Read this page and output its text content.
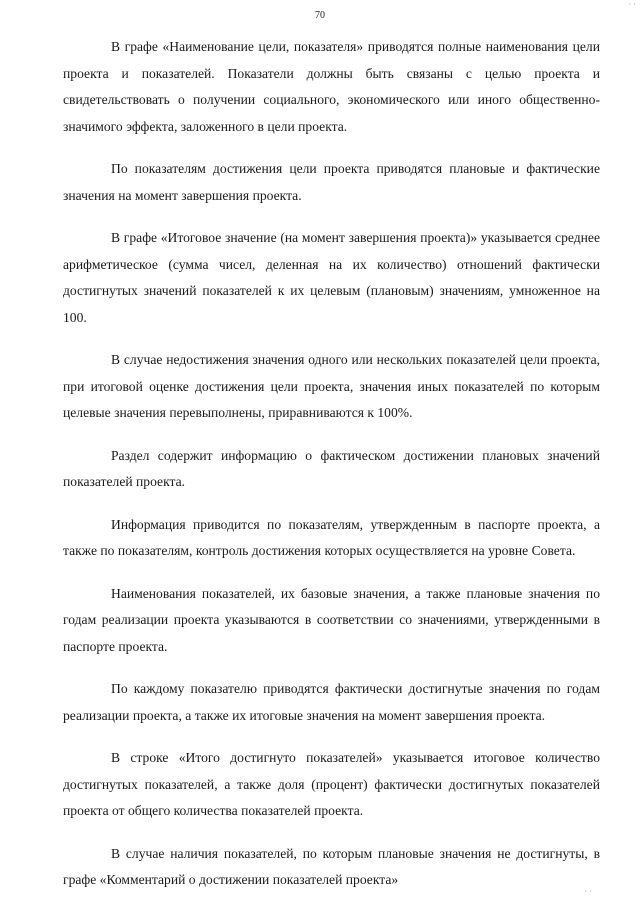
· ·
70

В графе «Наименование цели, показателя» приводятся полные наименования цели проекта и показателей. Показатели должны быть связаны с целью проекта и свидетельствовать о получении социального, экономического или иного общественно-значимого эффекта, заложенного в цели проекта.

По показателям достижения цели проекта приводятся плановые и фактические значения на момент завершения проекта.

В графе «Итоговое значение (на момент завершения проекта)» указывается среднее арифметическое (сумма чисел, деленная на их количество) отношений фактически достигнутых значений показателей к их целевым (плановым) значениям, умноженное на 100.

В случае недостижения значения одного или нескольких показателей цели проекта, при итоговой оценке достижения цели проекта, значения иных показателей по которым целевые значения перевыполнены, приравниваются к 100%.

Раздел содержит информацию о фактическом достижении плановых значений показателей проекта.

Информация приводится по показателям, утвержденным в паспорте проекта, а также по показателям, контроль достижения которых осуществляется на уровне Совета.

Наименования показателей, их базовые значения, а также плановые значения по годам реализации проекта указываются в соответствии со значениями, утвержденными в паспорте проекта.

По каждому показателю приводятся фактически достигнутые значения по годам реализации проекта, а также их итоговые значения на момент завершения проекта.

В строке «Итого достигнуто показателей» указывается итоговое количество достигнутых показателей, а также доля (процент) фактически достигнутых показателей проекта от общего количества показателей проекта.

В случае наличия показателей, по которым плановые значения не достигнуты, в графе «Комментарий о достижении показателей проекта»

· ·
